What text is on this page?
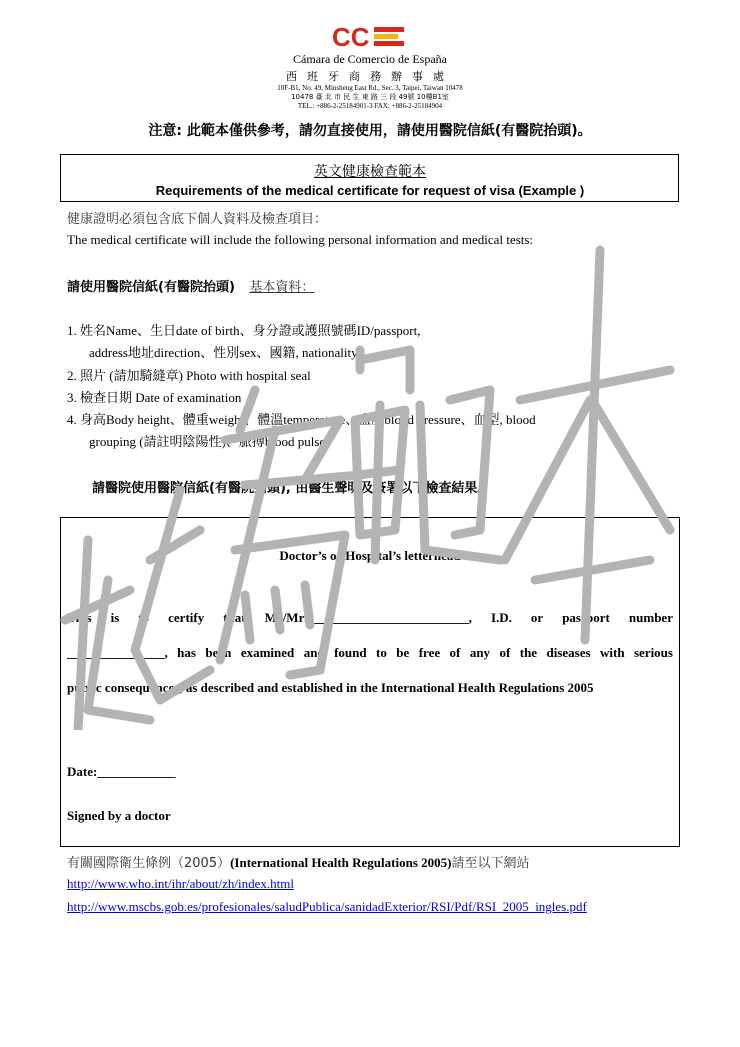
CC
Cámara de Comercio de España
西班牙商務辦事處
10F-B1, No. 49, Minsheng East Rd., Sec. 3, Taipei, Taiwan 10478
10478 臺 北 市 民 生 東 路 三 段 49號 10樓B1室
TEL.: +886-2-25184901-3 FAX: +886-2-25184904
注意: 此範本僅供參考，請勿直接使用，請使用醫院信紙(有醫院抬頭)。
英文健康檢查範本
Requirements of the medical certificate for request of visa (Example )
健康證明必須包含底下個人資料及檢查項目：
The medical certificate will include the following personal information and medical tests:
請使用醫院信紙(有醫院抬頭) 基本資料：
1. 姓名Name、生日date of birth、身分證或護照號碼ID/passport,
address地址direction、性別sex、國籍, nationality
2. 照片 (請加騎縫章) Photo with hospital seal
3. 檢查日期 Date of examination
4. 身高Body height、體重weight、體溫temperature、血壓blood pressure、血型, blood
grouping (請註明陰陽性)、脈搏blood pulse
請醫院使用醫院信紙(有醫院抬頭), 由醫生聲明及簽署以下檢查結果。
Doctor’s or Hospital’s letterhead
This is to certify that Mr/Mrs.________________________, I.D. or passport number
_______________, has been examined and found to be free of any of the diseases with serious
public consequences, as described and established in the International Health Regulations 2005
Date:____________
Signed by a doctor
有關國際衛生條例（2005）(International Health Regulations 2005)請至以下網站
http://www.who.int/ihr/about/zh/index.html
http://www.mscbs.gob.es/profesionales/saludPublica/sanidadExterior/RSI/Pdf/RSI_2005_ingles.pdf
